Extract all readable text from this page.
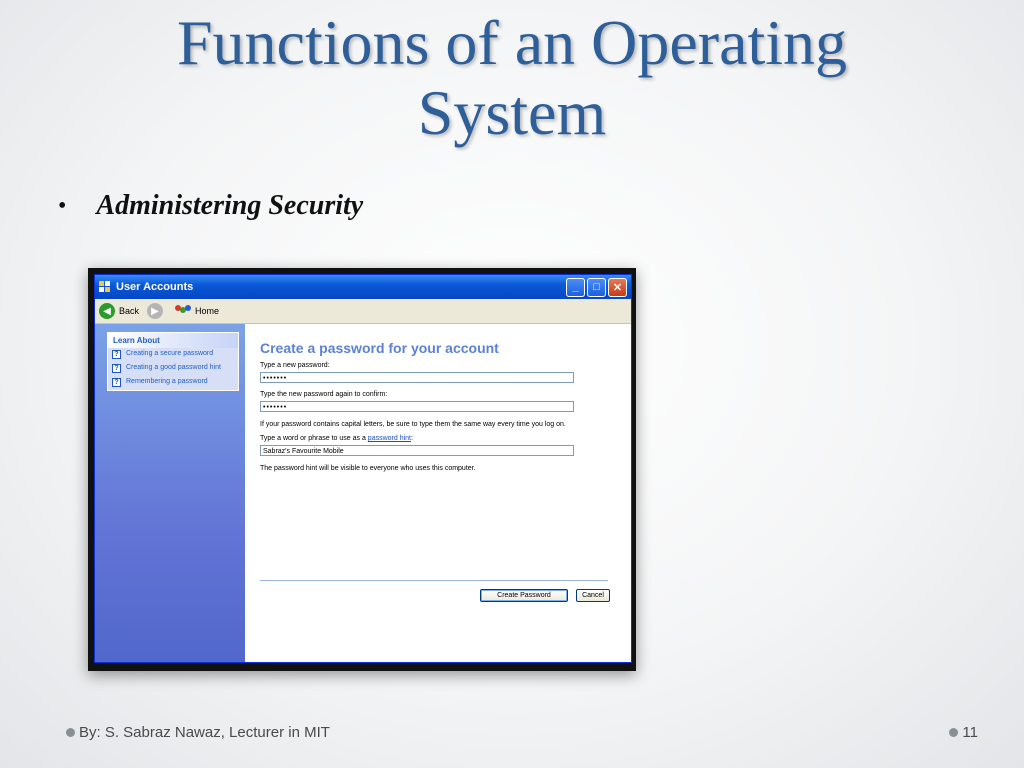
Functions of an Operating
System
• Administering Security
User Accounts	_	□	✕
◀ Back	▶	Home
Learn About
?	Creating a secure password
?	Creating a good password hint
?	Remembering a password
Create a password for your account
Type a new password:
•••••••
Type the new password again to confirm:
•••••••
If your password contains capital letters, be sure to type them the same way every time you log on.
Type a word or phrase to use as a password hint:
Sabraz's Favourite Mobile
The password hint will be visible to everyone who uses this computer.
Create Password	Cancel
By: S. Sabraz Nawaz, Lecturer in MIT	11
